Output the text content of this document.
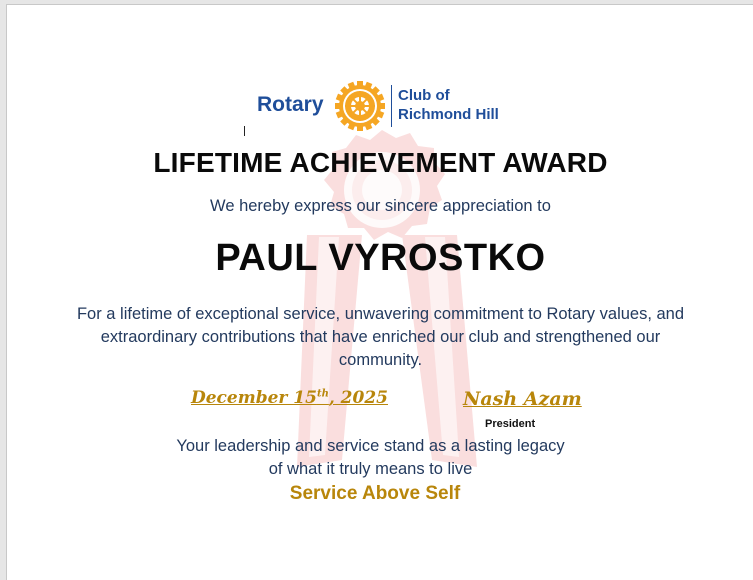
Rotary	Club of
Richmond Hill
LIFETIME ACHIEVEMENT AWARD
We hereby express our sincere appreciation to
PAUL VYROSTKO
For a lifetime of exceptional service, unwavering commitment to Rotary values, and extraordinary contributions that have enriched our club and strengthened our community.
December 15th, 2025	Nash Azam
President
Your leadership and service stand as a lasting legacy
of what it truly means to live
Service Above Self
